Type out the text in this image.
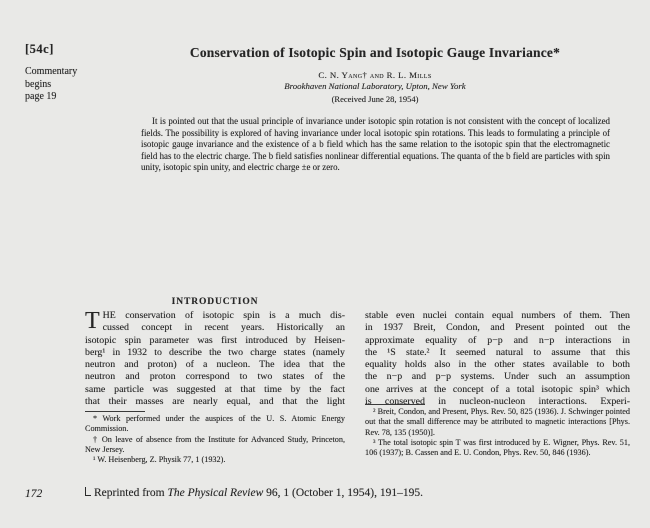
[54c]
Commentary
begins
page 19
Conservation of Isotopic Spin and Isotopic Gauge Invariance*
C. N. Yang† and R. L. Mills
Brookhaven National Laboratory, Upton, New York
(Received June 28, 1954)
It is pointed out that the usual principle of invariance under isotopic spin rotation is not consistent with the concept of localized fields. The possibility is explored of having invariance under local isotopic spin rotations. This leads to formulating a principle of isotopic gauge invariance and the existence of a b field which has the same relation to the isotopic spin that the electromagnetic field has to the electric charge. The b field satisfies nonlinear differential equations. The quanta of the b field are particles with spin unity, isotopic spin unity, and electric charge ±e or zero.
INTRODUCTION
T HE conservation of isotopic spin is a much dis-
cussed concept in recent years. Historically an
isotopic spin parameter was first introduced by Heisen-
berg¹ in 1932 to describe the two charge states (namely
neutron and proton) of a nucleon. The idea that the
neutron and proton correspond to two states of the
same particle was suggested at that time by the fact
that their masses are nearly equal, and that the light
stable even nuclei contain equal numbers of them. Then
in 1937 Breit, Condon, and Present pointed out the
approximate equality of p−p and n−p interactions in
the ¹S state.² It seemed natural to assume that this
equality holds also in the other states available to both
the n−p and p−p systems. Under such an assumption
one arrives at the concept of a total isotopic spin³ which
is conserved in nucleon-nucleon interactions. Experi-
* Work performed under the auspices of the U. S. Atomic Energy Commission.
† On leave of absence from the Institute for Advanced Study, Princeton, New Jersey.
¹ W. Heisenberg, Z. Physik 77, 1 (1932).
² Breit, Condon, and Present, Phys. Rev. 50, 825 (1936). J. Schwinger pointed out that the small difference may be attributed to magnetic interactions [Phys. Rev. 78, 135 (1950)].
³ The total isotopic spin T was first introduced by E. Wigner, Phys. Rev. 51, 106 (1937); B. Cassen and E. U. Condon, Phys. Rev. 50, 846 (1936).
172	Reprinted from The Physical Review 96, 1 (October 1, 1954), 191–195.
